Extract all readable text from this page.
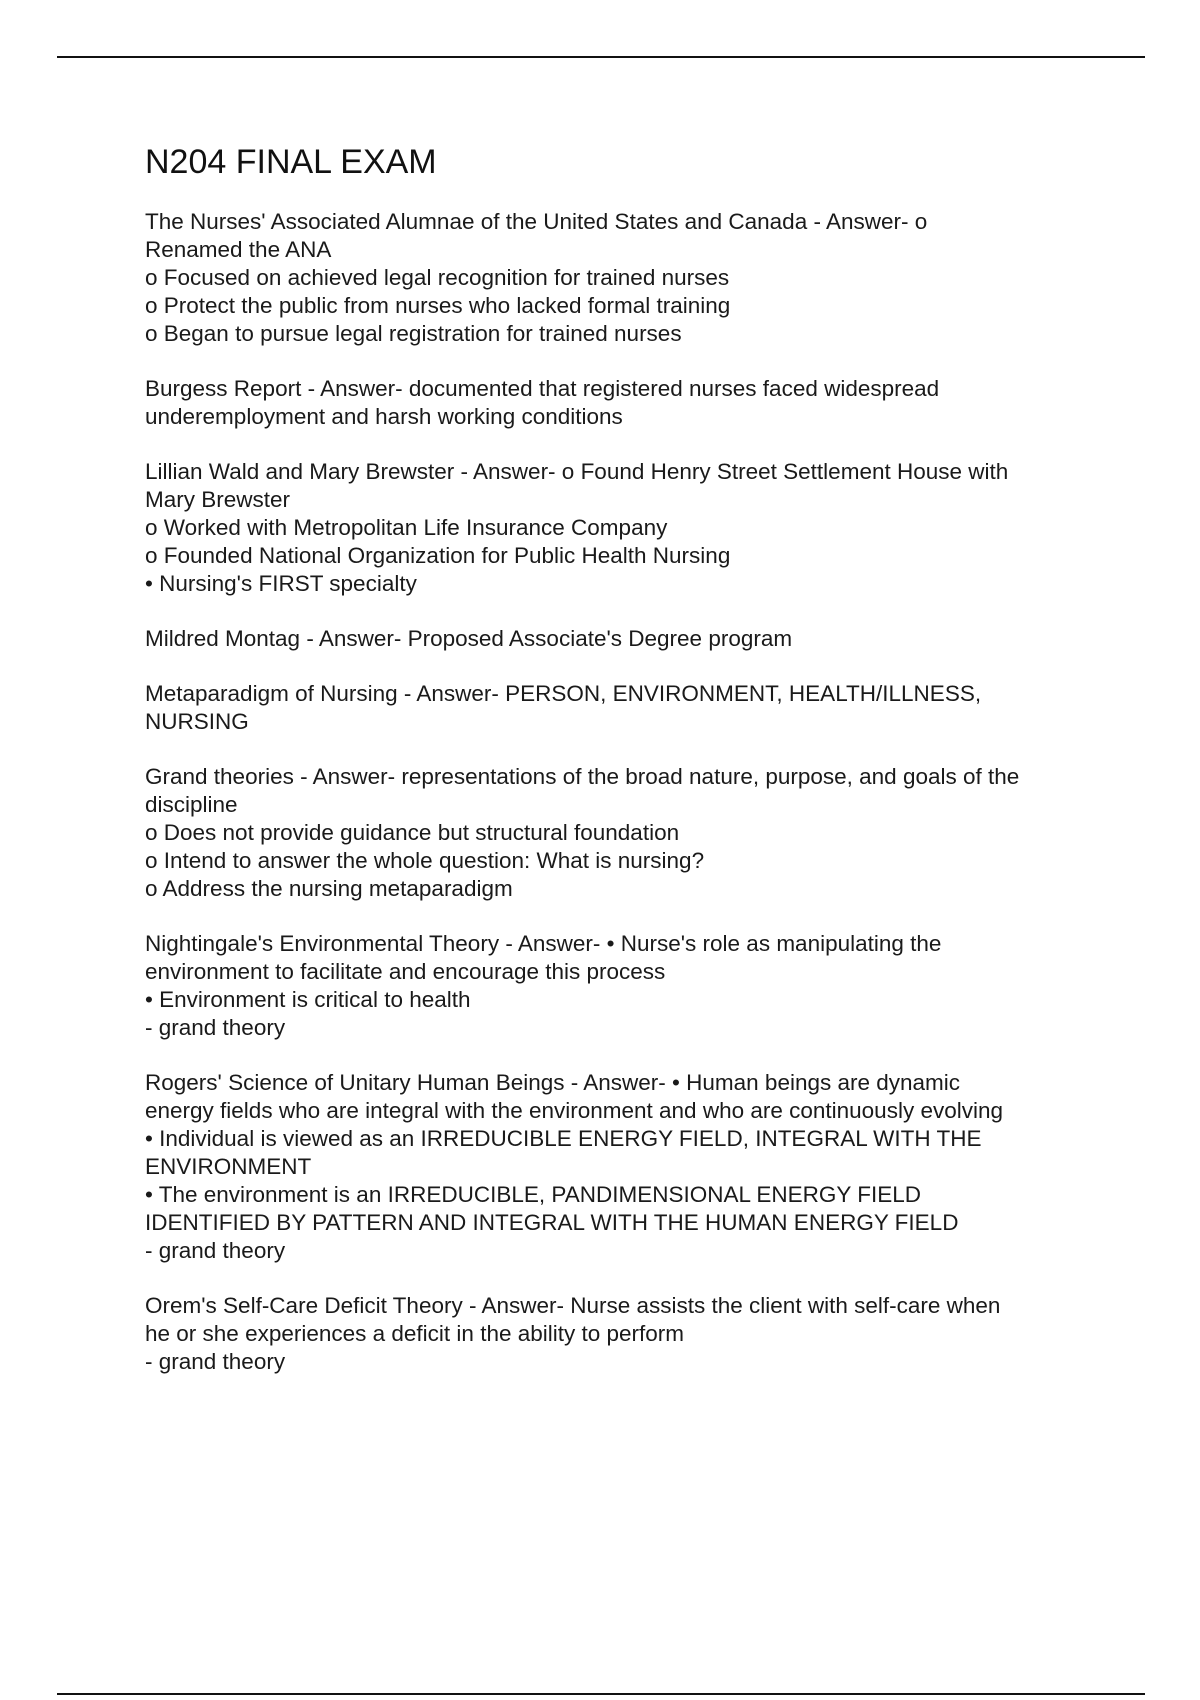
N204 FINAL EXAM
The Nurses' Associated Alumnae of the United States and Canada - Answer- o
Renamed the ANA
o Focused on achieved legal recognition for trained nurses
o Protect the public from nurses who lacked formal training
o Began to pursue legal registration for trained nurses
Burgess Report - Answer- documented that registered nurses faced widespread
underemployment and harsh working conditions
Lillian Wald and Mary Brewster - Answer- o Found Henry Street Settlement House with
Mary Brewster
o Worked with Metropolitan Life Insurance Company
o Founded National Organization for Public Health Nursing
• Nursing's FIRST specialty
Mildred Montag - Answer- Proposed Associate's Degree program
Metaparadigm of Nursing - Answer- PERSON, ENVIRONMENT, HEALTH/ILLNESS,
NURSING
Grand theories - Answer- representations of the broad nature, purpose, and goals of the
discipline
o Does not provide guidance but structural foundation
o Intend to answer the whole question: What is nursing?
o Address the nursing metaparadigm
Nightingale's Environmental Theory - Answer- • Nurse's role as manipulating the
environment to facilitate and encourage this process
• Environment is critical to health
- grand theory
Rogers' Science of Unitary Human Beings - Answer- • Human beings are dynamic
energy fields who are integral with the environment and who are continuously evolving
• Individual is viewed as an IRREDUCIBLE ENERGY FIELD, INTEGRAL WITH THE
ENVIRONMENT
• The environment is an IRREDUCIBLE, PANDIMENSIONAL ENERGY FIELD
IDENTIFIED BY PATTERN AND INTEGRAL WITH THE HUMAN ENERGY FIELD
- grand theory
Orem's Self-Care Deficit Theory - Answer- Nurse assists the client with self-care when
he or she experiences a deficit in the ability to perform
- grand theory
